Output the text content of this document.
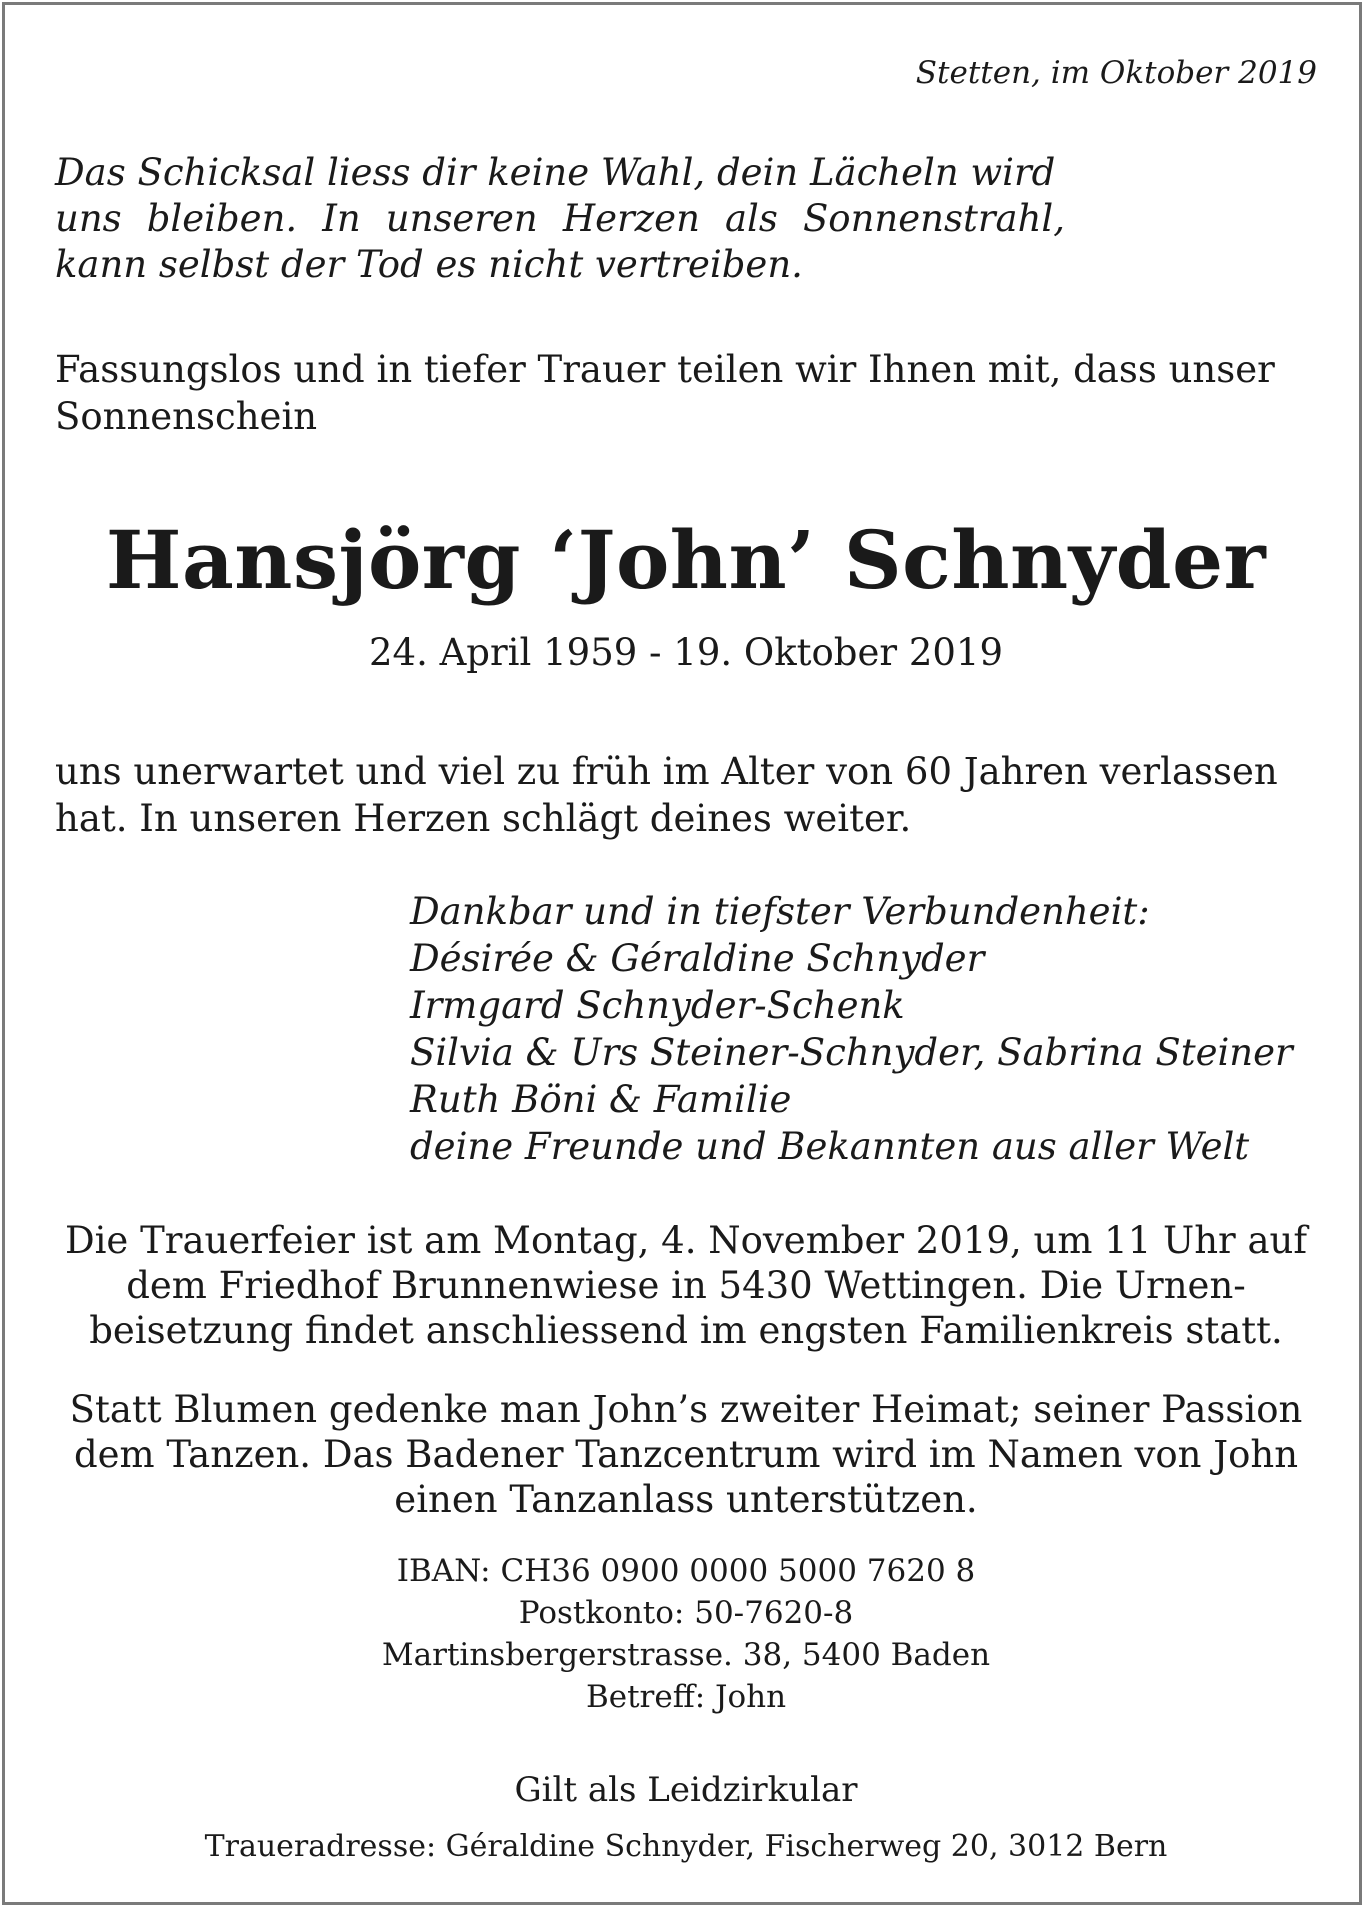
Stetten, im Oktober 2019
Das Schicksal liess dir keine Wahl, dein Lächeln wird
uns bleiben. In unseren Herzen als Sonnenstrahl,
kann selbst der Tod es nicht vertreiben.
Fassungslos und in tiefer Trauer teilen wir Ihnen mit, dass unser Sonnenschein
Hansjörg ‘John’ Schnyder
24. April 1959 - 19. Oktober 2019
uns unerwartet und viel zu früh im Alter von 60 Jahren verlassen hat. In unseren Herzen schlägt deines weiter.
Dankbar und in tiefster Verbundenheit:
Désirée & Géraldine Schnyder
Irmgard Schnyder-Schenk
Silvia & Urs Steiner-Schnyder, Sabrina Steiner
Ruth Böni & Familie
deine Freunde und Bekannten aus aller Welt
Die Trauerfeier ist am Montag, 4. November 2019, um 11 Uhr auf
dem Friedhof Brunnenwiese in 5430 Wettingen. Die Urnen-
beisetzung findet anschliessend im engsten Familienkreis statt.
Statt Blumen gedenke man John’s zweiter Heimat; seiner Passion
dem Tanzen. Das Badener Tanzcentrum wird im Namen von John
einen Tanzanlass unterstützen.
IBAN: CH36 0900 0000 5000 7620 8
Postkonto: 50-7620-8
Martinsbergerstrasse. 38, 5400 Baden
Betreff: John
Gilt als Leidzirkular
Traueradresse: Géraldine Schnyder, Fischerweg 20, 3012 Bern
